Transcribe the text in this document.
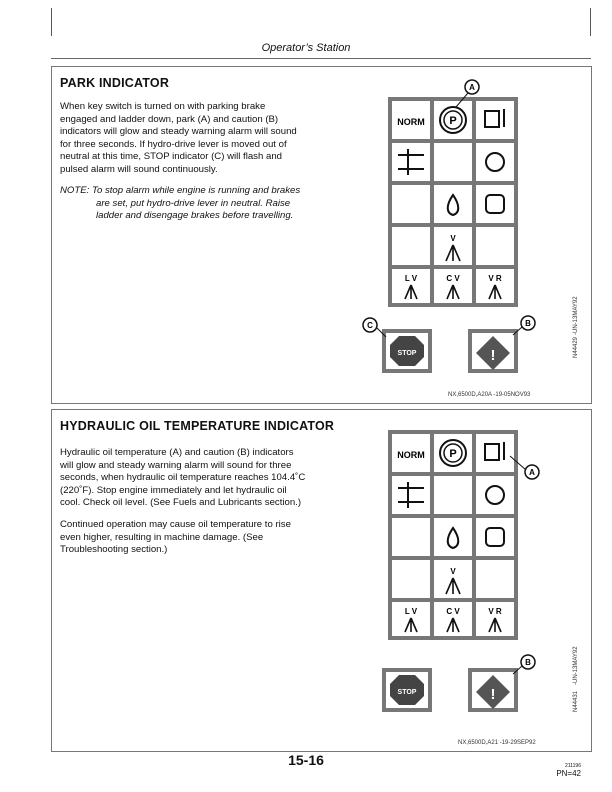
Operator’s Station
PARK INDICATOR
When key switch is turned on with parking brake
engaged and ladder down, park (A) and caution (B)
indicators will glow and steady warning alarm will sound
for three seconds. If hydro-drive lever is moved out of
neutral at this time, STOP indicator (C) will flash and
pulsed alarm will sound continuously.
NOTE: To stop alarm while engine is running and brakes
are set, put hydro-drive lever in neutral. Raise
ladder and disengage brakes before travelling.
NORM P
V
L V	C V	V R
A
STOP
C
!
B
N44429
-UN-13MAY92
NX,6500D,A20A -19-05NOV93
HYDRAULIC OIL TEMPERATURE INDICATOR
Hydraulic oil temperature (A) and caution (B) indicators
will glow and steady warning alarm will sound for three
seconds, when hydraulic oil temperature reaches 104.4˚C
(220˚F). Stop engine immediately and let hydraulic oil
cool. Check oil level. (See Fuels and Lubricants section.)
Continued operation may cause oil temperature to rise
even higher, resulting in machine damage. (See
Troubleshooting section.)
NORM P
V
L V	C V	V R
A
STOP	!
B
N44431
-UN-13MAY92
NX,6500D,A21 -19-29SEP92
15-16	211196
PN=42
